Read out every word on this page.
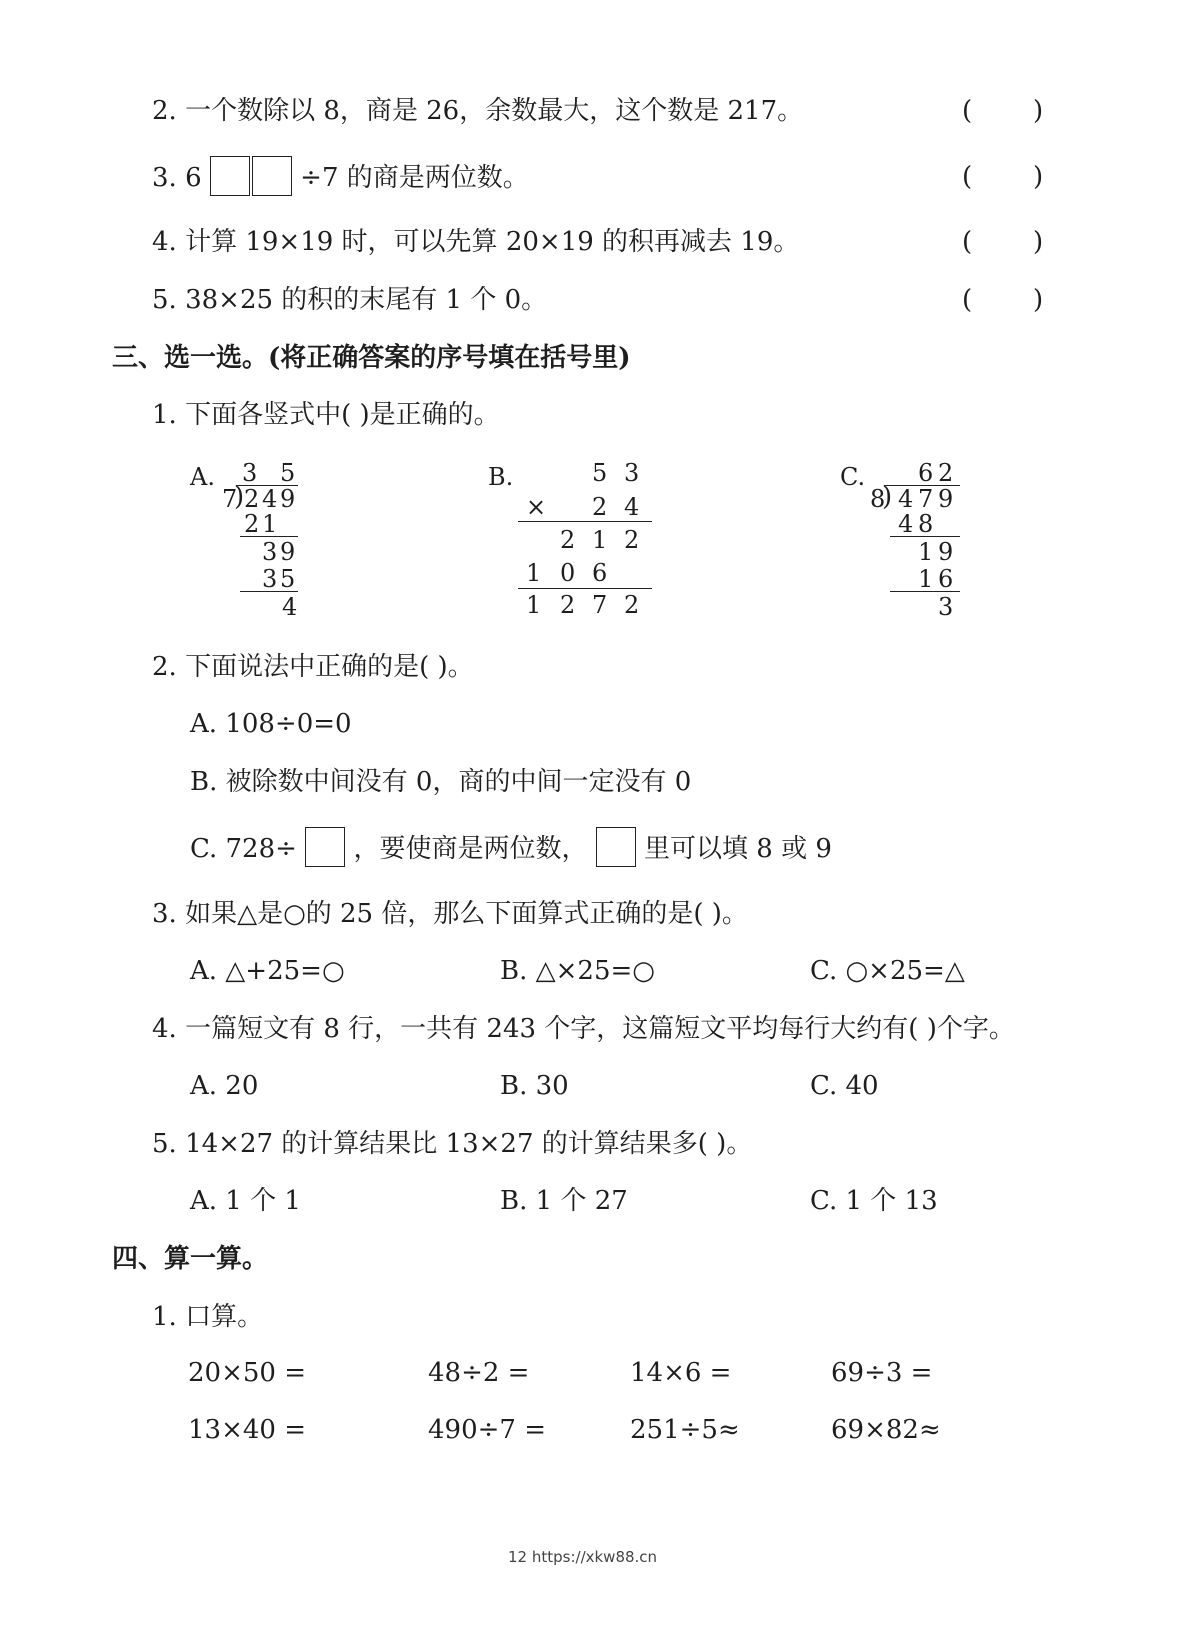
2. 一个数除以 8，商是 26，余数最大，这个数是 217。	( )
3. 6	÷7 的商是两位数。	( )
4. 计算 19×19 时，可以先算 20×19 的积再减去 19。	( )
5. 38×25 的积的末尾有 1 个 0。	( )
三、选一选。(将正确答案的序号填在括号里)
1. 下面各竖式中( )是正确的。
A. 3 5
7
) 2 4 9
2 1
3 9
3 5
4
B.	5 3
× 2 4
2 1 2
1 0 6
1 2 7 2
C. 6 2
8
) 4 7 9
4 8
1 9
1 6
3
2. 下面说法中正确的是( )。
A. 108÷0=0
B. 被除数中间没有 0，商的中间一定没有 0
C. 728÷ ，要使商是两位数， 里可以填 8 或 9
3. 如果△是○的 25 倍，那么下面算式正确的是( )。
A. △+25=○	B. △×25=○	C. ○×25=△
4. 一篇短文有 8 行，一共有 243 个字，这篇短文平均每行大约有( )个字。
A. 20	B. 30	C. 40
5. 14×27 的计算结果比 13×27 的计算结果多( )。
A. 1 个 1	B. 1 个 27	C. 1 个 13
四、算一算。
1. 口算。
20×50 =	48÷2 =	14×6 =	69÷3 =
13×40 =	490÷7 =	251÷5≈	69×82≈
12 https://xkw88.cn
